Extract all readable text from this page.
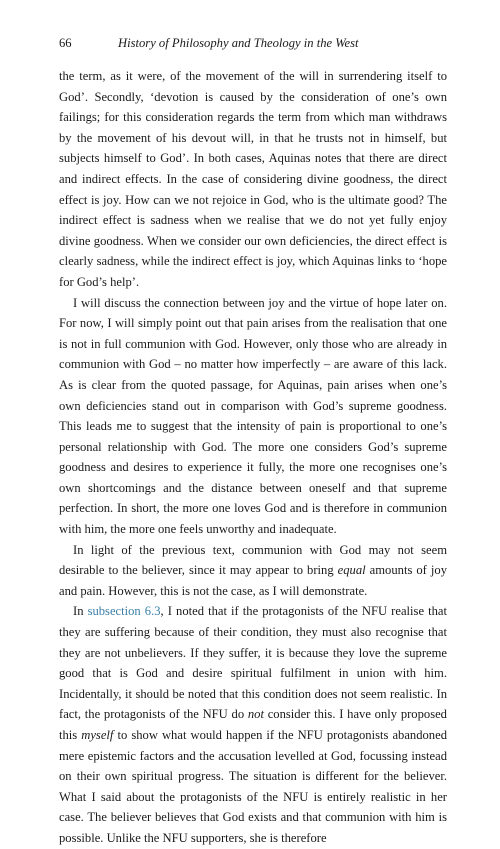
66	History of Philosophy and Theology in the West

the term, as it were, of the movement of the will in surrendering itself to God’. Secondly, ‘devotion is caused by the consideration of one’s own failings; for this consideration regards the term from which man withdraws by the movement of his devout will, in that he trusts not in himself, but subjects himself to God’. In both cases, Aquinas notes that there are direct and indirect effects. In the case of considering divine goodness, the direct effect is joy. How can we not rejoice in God, who is the ultimate good? The indirect effect is sadness when we realise that we do not yet fully enjoy divine goodness. When we consider our own deficiencies, the direct effect is clearly sadness, while the indirect effect is joy, which Aquinas links to ‘hope for God’s help’.

I will discuss the connection between joy and the virtue of hope later on. For now, I will simply point out that pain arises from the realisation that one is not in full communion with God. However, only those who are already in communion with God – no matter how imperfectly – are aware of this lack. As is clear from the quoted passage, for Aquinas, pain arises when one’s own deficiencies stand out in comparison with God’s supreme goodness. This leads me to suggest that the intensity of pain is proportional to one’s personal relationship with God. The more one considers God’s supreme goodness and desires to experience it fully, the more one recognises one’s own shortcomings and the distance between oneself and that supreme perfection. In short, the more one loves God and is therefore in communion with him, the more one feels unworthy and inadequate.

In light of the previous text, communion with God may not seem desirable to the believer, since it may appear to bring equal amounts of joy and pain. However, this is not the case, as I will demonstrate.

In subsection 6.3, I noted that if the protagonists of the NFU realise that they are suffering because of their condition, they must also recognise that they are not unbelievers. If they suffer, it is because they love the supreme good that is God and desire spiritual fulfilment in union with him. Incidentally, it should be noted that this condition does not seem realistic. In fact, the protagonists of the NFU do not consider this. I have only proposed this myself to show what would happen if the NFU protagonists abandoned mere epistemic factors and the accusation levelled at God, focussing instead on their own spiritual progress. The situation is different for the believer. What I said about the protagonists of the NFU is entirely realistic in her case. The believer believes that God exists and that communion with him is possible. Unlike the NFU supporters, she is therefore
